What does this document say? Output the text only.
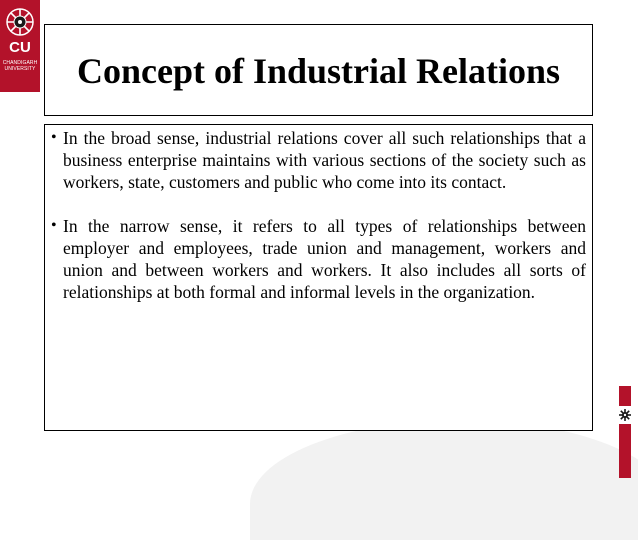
CU
CHANDIGARH
UNIVERSITY	Concept of Industrial Relations
• In the broad sense, industrial relations cover all such relationships that a business enterprise maintains with various sections of the society such as workers, state, customers and public who come into its contact.
• In the narrow sense, it refers to all types of relationships between employer and employees, trade union and management, workers and union and between workers and workers. It also includes all sorts of relationships at both formal and informal levels in the organization.
